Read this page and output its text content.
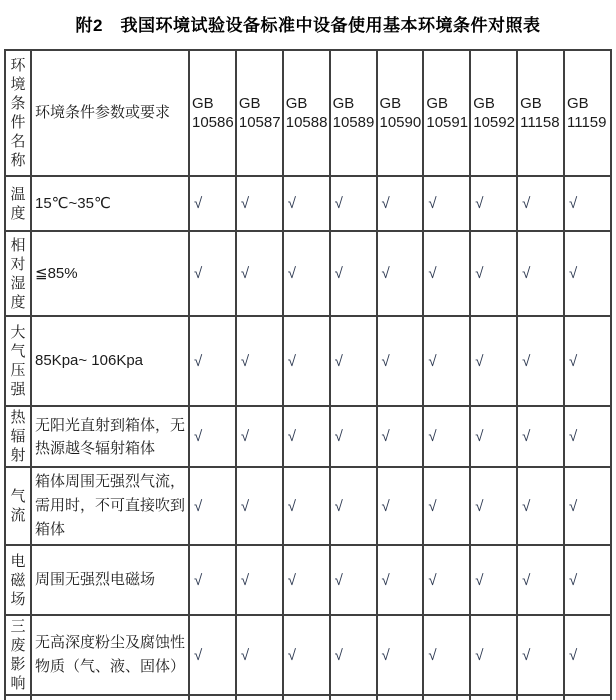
附2　我国环境试验设备标准中设备使用基本环境条件对照表
环境条件名称	环境条件参数或要求	GB 10586	GB 10587	GB 10588	GB 10589	GB 10590	GB 10591	GB 10592	GB 11158	GB 11159
温度	15℃~35℃	√	√	√	√	√	√	√	√	√
相对湿度	≦85%	√	√	√	√	√	√	√	√	√
大气压强	85Kpa~ 106Kpa	√	√	√	√	√	√	√	√	√
热辐射	无阳光直射到箱体，无热源越冬辐射箱体	√	√	√	√	√	√	√	√	√
气流	箱体周围无强烈气流，需用时，不可直接吹到箱体	√	√	√	√	√	√	√	√	√
电磁场	周围无强烈电磁场	√	√	√	√	√	√	√	√	√
三废影响	无高深度粉尘及腐蚀性物质（气、液、固体）	√	√	√	√	√	√	√	√	√
